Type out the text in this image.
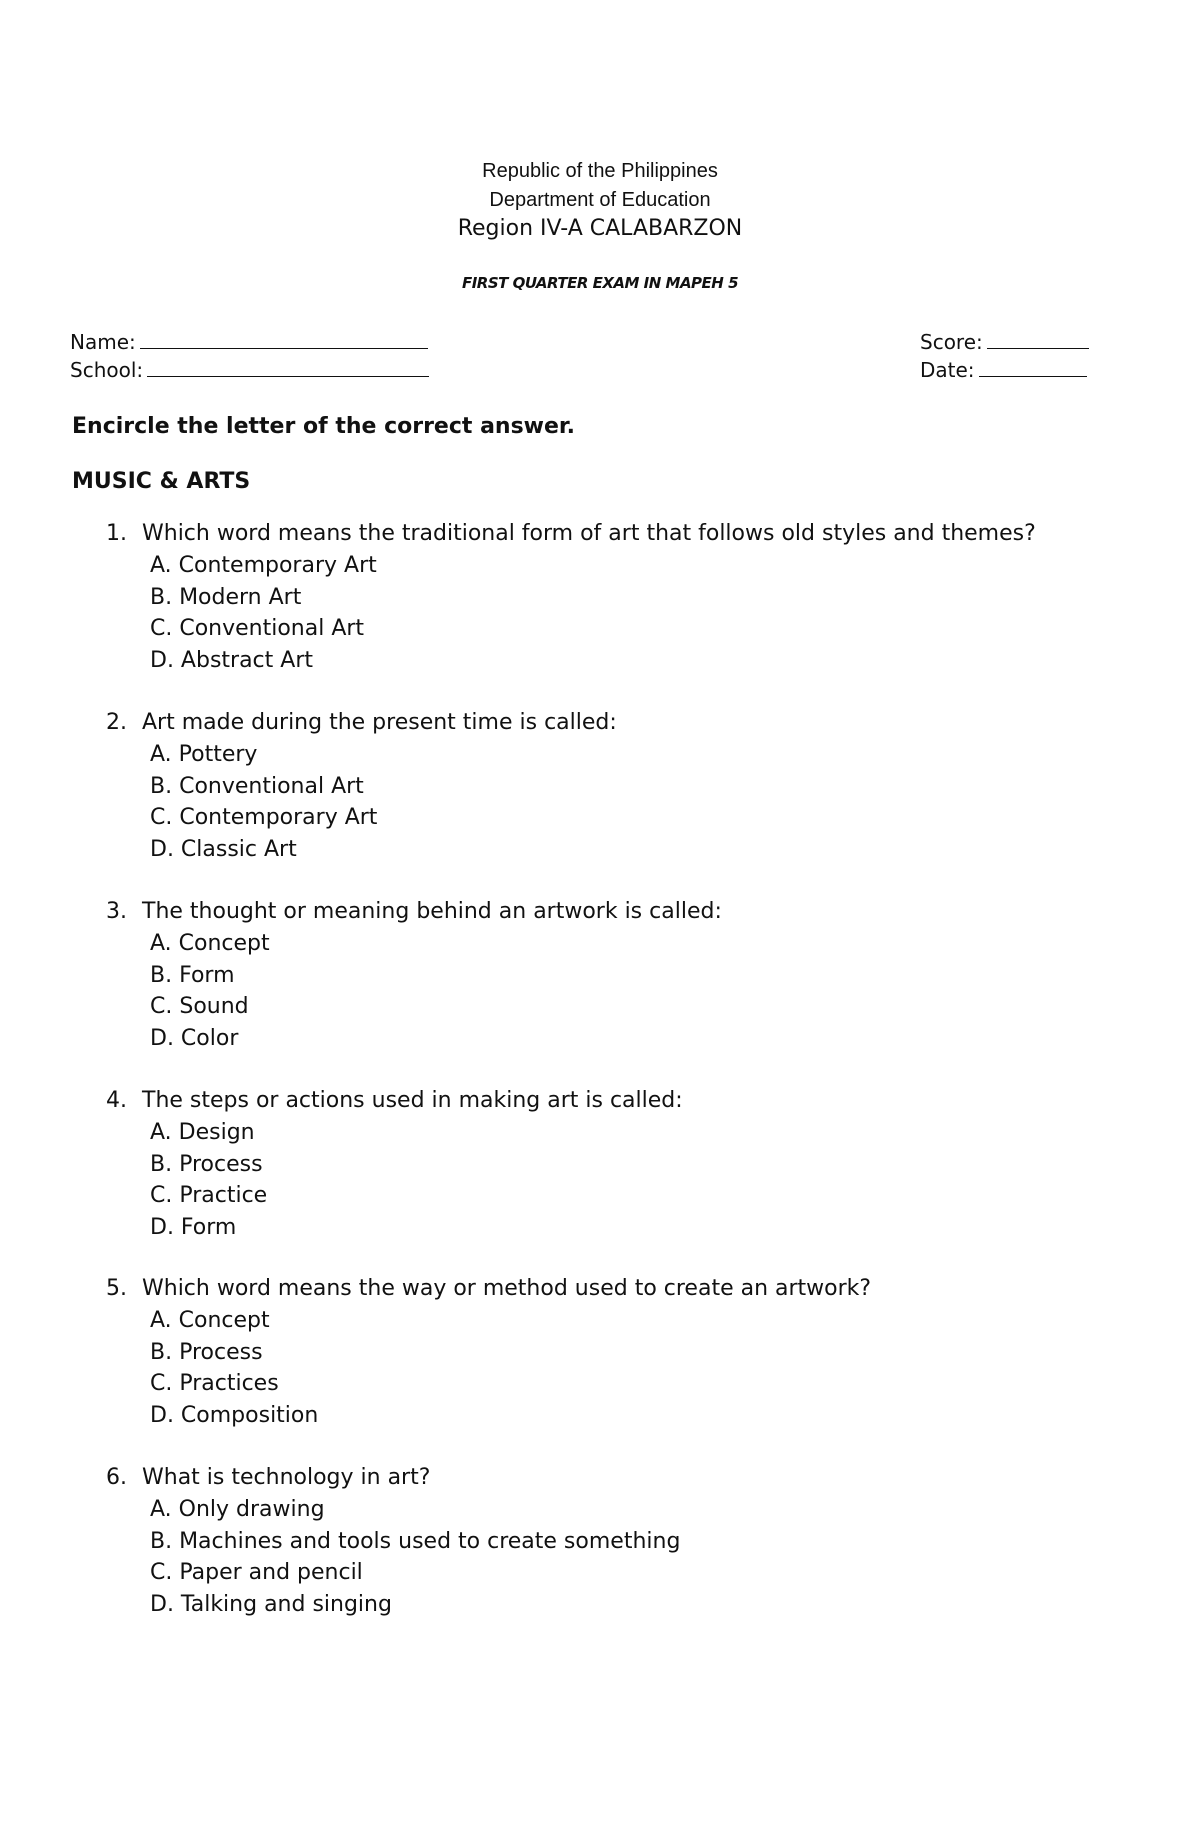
Republic of the Philippines
Department of Education
Region IV-A CALABARZON
FIRST QUARTER EXAM IN MAPEH 5
Name:
School:
Score:
Date:
Encircle the letter of the correct answer.
MUSIC & ARTS
1. Which word means the traditional form of art that follows old styles and themes?
A. Contemporary Art
B. Modern Art
C. Conventional Art
D. Abstract Art
2. Art made during the present time is called:
A. Pottery
B. Conventional Art
C. Contemporary Art
D. Classic Art
3. The thought or meaning behind an artwork is called:
A. Concept
B. Form
C. Sound
D. Color
4. The steps or actions used in making art is called:
A. Design
B. Process
C. Practice
D. Form
5. Which word means the way or method used to create an artwork?
A. Concept
B. Process
C. Practices
D. Composition
6. What is technology in art?
A. Only drawing
B. Machines and tools used to create something
C. Paper and pencil
D. Talking and singing
